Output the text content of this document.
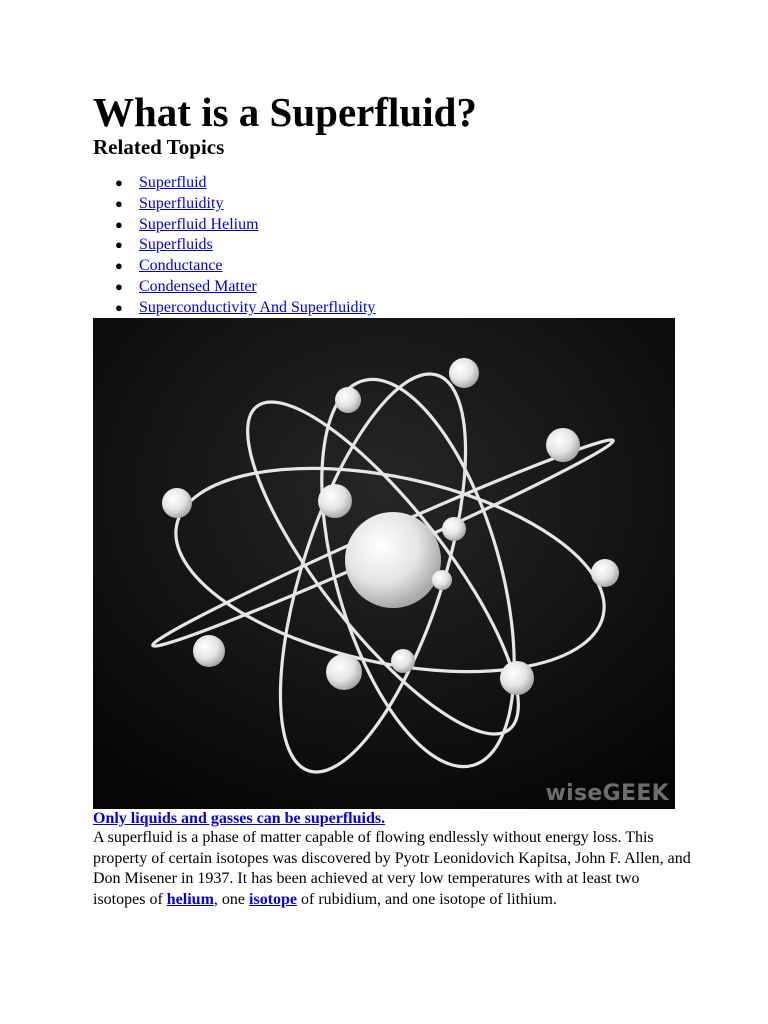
What is a Superfluid?
Related Topics
● Superfluid
● Superfluidity
● Superfluid Helium
● Superfluids
● Conductance
● Condensed Matter
● Superconductivity And Superfluidity
wiseGEEK

Only liquids and gasses can be superfluids.

A superfluid is a phase of matter capable of flowing endlessly without energy loss. This property of certain isotopes was discovered by Pyotr Leonidovich Kapitsa, John F. Allen, and Don Misener in 1937. It has been achieved at very low temperatures with at least two isotopes of helium, one isotope of rubidium, and one isotope of lithium.
